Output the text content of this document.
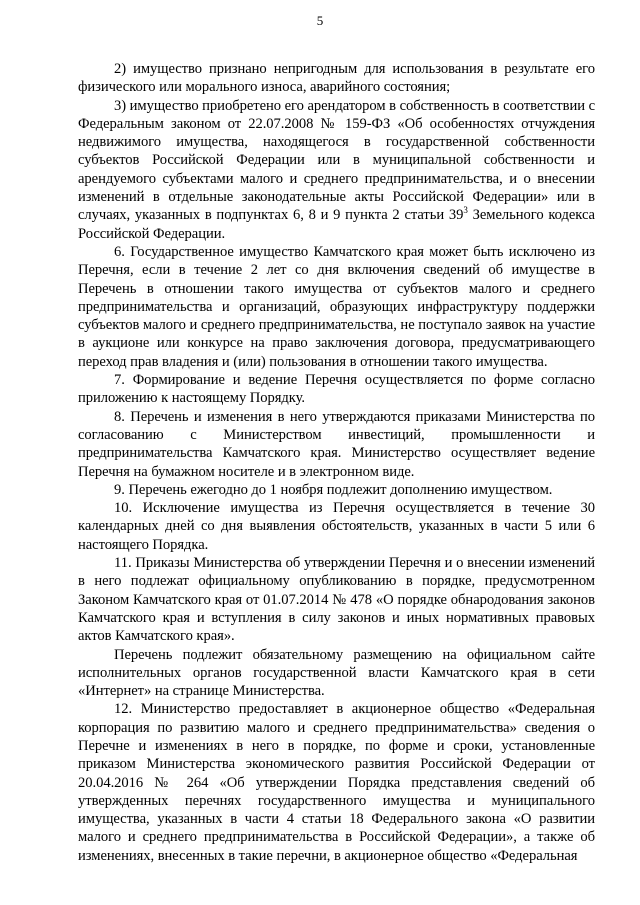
5

2) имущество признано непригодным для использования в результате его физического или морального износа, аварийного состояния;

3) имущество приобретено его арендатором в собственность в соответствии с Федеральным законом от 22.07.2008 № 159-ФЗ «Об особенностях отчуждения недвижимого имущества, находящегося в государственной собственности субъектов Российской Федерации или в муниципальной собственности и арендуемого субъектами малого и среднего предпринимательства, и о внесении изменений в отдельные законодательные акты Российской Федерации» или в случаях, указанных в подпунктах 6, 8 и 9 пункта 2 статьи $39^3$ Земельного кодекса Российской Федерации.

6. Государственное имущество Камчатского края может быть исключено из Перечня, если в течение 2 лет со дня включения сведений об имуществе в Перечень в отношении такого имущества от субъектов малого и среднего предпринимательства и организаций, образующих инфраструктуру поддержки субъектов малого и среднего предпринимательства, не поступало заявок на участие в аукционе или конкурсе на право заключения договора, предусматривающего переход прав владения и (или) пользования в отношении такого имущества.

7. Формирование и ведение Перечня осуществляется по форме согласно приложению к настоящему Порядку.

8. Перечень и изменения в него утверждаются приказами Министерства по согласованию с Министерством инвестиций, промышленности и предпринимательства Камчатского края. Министерство осуществляет ведение Перечня на бумажном носителе и в электронном виде.

9. Перечень ежегодно до 1 ноября подлежит дополнению имуществом.

10. Исключение имущества из Перечня осуществляется в течение 30 календарных дней со дня выявления обстоятельств, указанных в части 5 или 6 настоящего Порядка.

11. Приказы Министерства об утверждении Перечня и о внесении изменений в него подлежат официальному опубликованию в порядке, предусмотренном Законом Камчатского края от 01.07.2014 № 478 «О порядке обнародования законов Камчатского края и вступления в силу законов и иных нормативных правовых актов Камчатского края».

Перечень подлежит обязательному размещению на официальном сайте исполнительных органов государственной власти Камчатского края в сети «Интернет» на странице Министерства.

12. Министерство предоставляет в акционерное общество «Федеральная корпорация по развитию малого и среднего предпринимательства» сведения о Перечне и изменениях в него в порядке, по форме и сроки, установленные приказом Министерства экономического развития Российской Федерации от 20.04.2016 № 264 «Об утверждении Порядка представления сведений об утвержденных перечнях государственного имущества и муниципального имущества, указанных в части 4 статьи 18 Федерального закона «О развитии малого и среднего предпринимательства в Российской Федерации», а также об изменениях, внесенных в такие перечни, в акционерное общество «Федеральная
